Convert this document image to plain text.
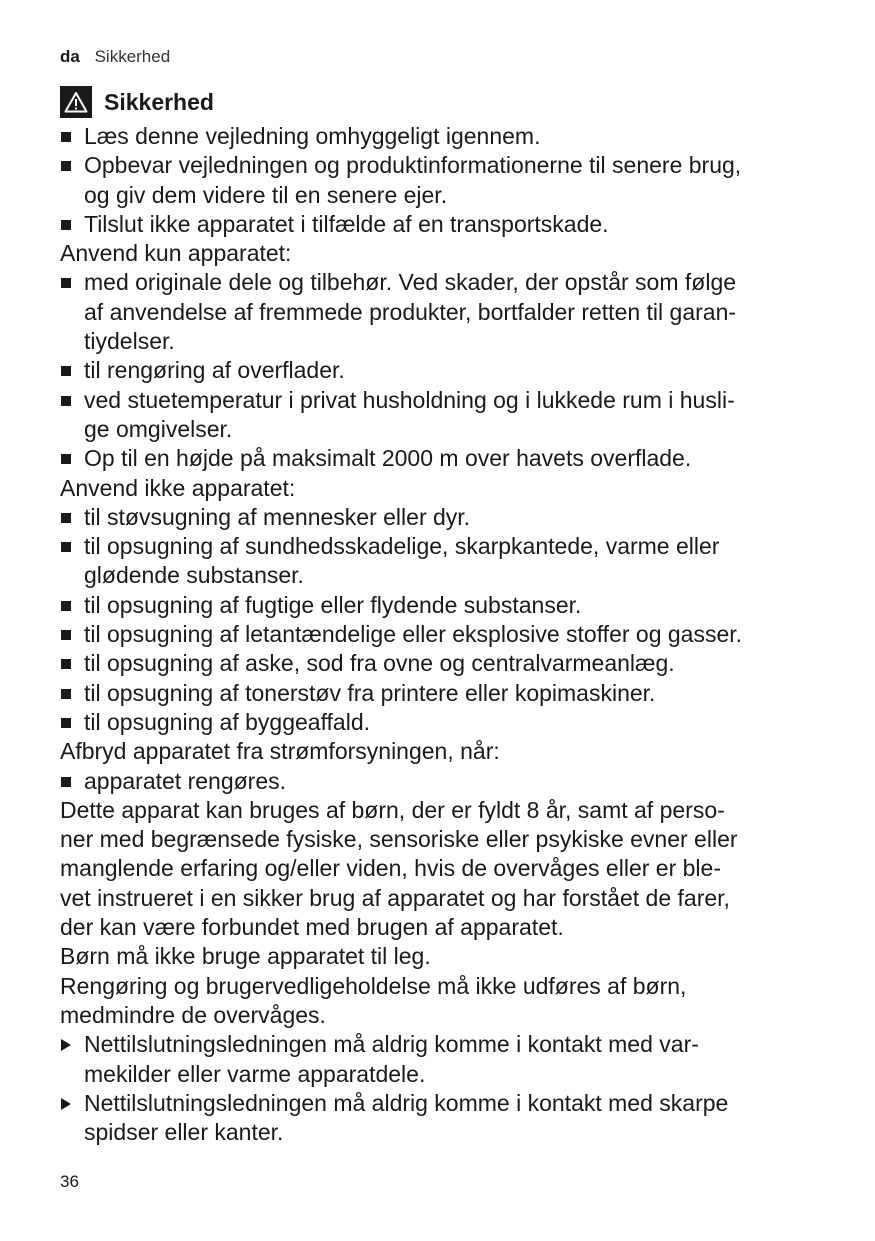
da Sikkerhed
Sikkerhed
Læs denne vejledning omhyggeligt igennem.
Opbevar vejledningen og produktinformationerne til senere brug,
og giv dem videre til en senere ejer.
Tilslut ikke apparatet i tilfælde af en transportskade.
Anvend kun apparatet:
med originale dele og tilbehør. Ved skader, der opstår som følge
af anvendelse af fremmede produkter, bortfalder retten til garan-
tiydelser.
til rengøring af overflader.
ved stuetemperatur i privat husholdning og i lukkede rum i husli-
ge omgivelser.
Op til en højde på maksimalt 2000 m over havets overflade.
Anvend ikke apparatet:
til støvsugning af mennesker eller dyr.
til opsugning af sundhedsskadelige, skarpkantede, varme eller
glødende substanser.
til opsugning af fugtige eller flydende substanser.
til opsugning af letantændelige eller eksplosive stoffer og gasser.
til opsugning af aske, sod fra ovne og centralvarmeanlæg.
til opsugning af tonerstøv fra printere eller kopimaskiner.
til opsugning af byggeaffald.
Afbryd apparatet fra strømforsyningen, når:
apparatet rengøres.
Dette apparat kan bruges af børn, der er fyldt 8 år, samt af perso-
ner med begrænsede fysiske, sensoriske eller psykiske evner eller
manglende erfaring og/eller viden, hvis de overvåges eller er ble-
vet instrueret i en sikker brug af apparatet og har forstået de farer,
der kan være forbundet med brugen af apparatet.
Børn må ikke bruge apparatet til leg.
Rengøring og brugervedligeholdelse må ikke udføres af børn,
medmindre de overvåges.
Nettilslutningsledningen må aldrig komme i kontakt med var-
mekilder eller varme apparatdele.
Nettilslutningsledningen må aldrig komme i kontakt med skarpe
spidser eller kanter.
36
